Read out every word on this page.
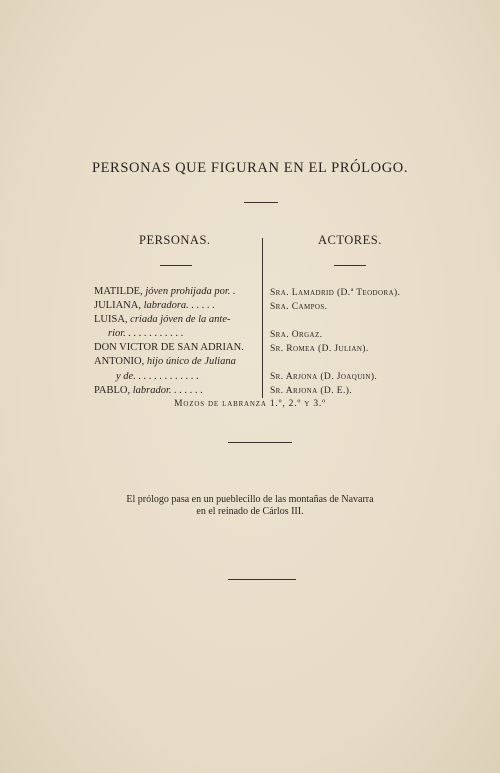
PERSONAS QUE FIGURAN EN EL PRÓLOGO.
PERSONAS.	ACTORES.
MATILDE, jóven prohijada por. .
JULIANA, labradora. . . . . .
LUISA, criada jóven de la ante-
rior. . . . . . . . . . . .
DON VICTOR DE SAN ADRIAN.
ANTONIO, hijo único de Juliana
y de. . . . . . . . . . . . .
PABLO, labrador. . . . . . .
Sra. Lamadrid (D.ª Teodora).
Sra. Campos.
Sra. Orgaz.
Sr. Romea (D. Julian).
Sr. Arjona (D. Joaquin).
Sr. Arjona (D. E.).
Mozos de labranza 1.º, 2.º y 3.º
El prólogo pasa en un pueblecillo de las montañas de Navarra
en el reinado de Cárlos III.
